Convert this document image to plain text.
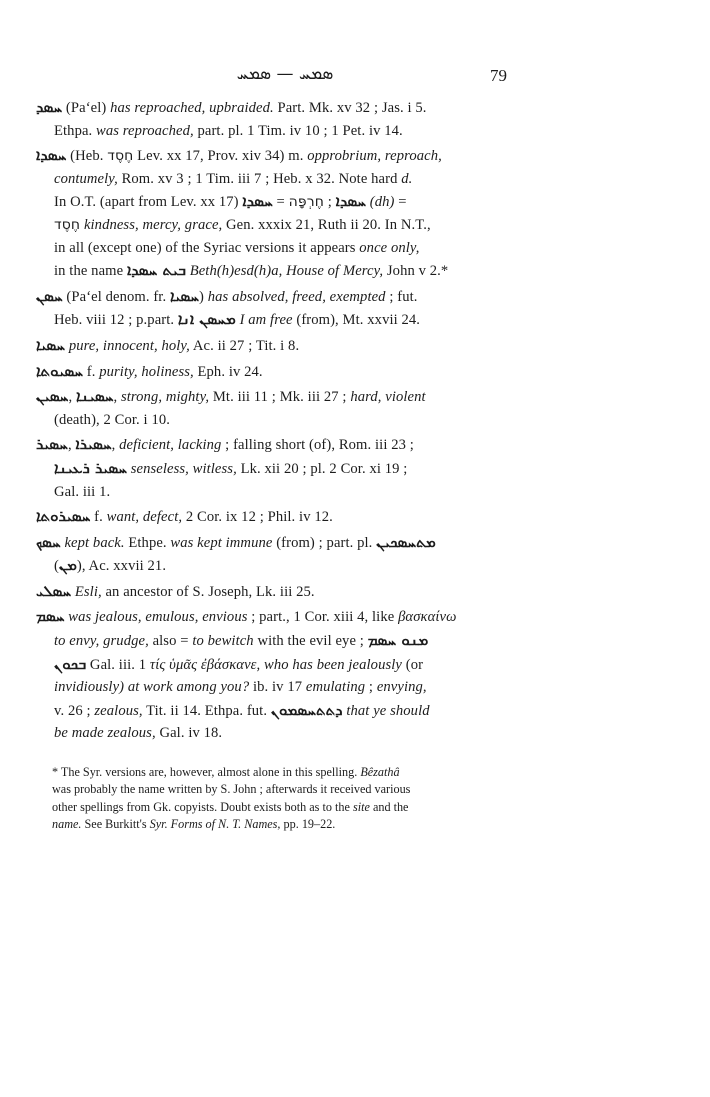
ܣܡܚ — ܣܡܚ	79
ܚܣܕ (Pa‘el) has reproached, upbraided. Part. Mk. xv 32 ; Jas. i 5.
Ethpa. was reproached, part. pl. 1 Tim. iv 10 ; 1 Pet. iv 14.
ܚܣܕܐ (Heb. חֶסֶד Lev. xx 17, Prov. xiv 34) m. opprobrium, reproach,
contumely, Rom. xv 3 ; 1 Tim. iii 7 ; Heb. x 32. Note hard d.
In O.T. (apart from Lev. xx 17) ܚܣܕܐ = חֶרְפָּה ; ܚܣܕܐ (dh) =
חֶסֶד kindness, mercy, grace, Gen. xxxix 21, Ruth ii 20. In N.T.,
in all (except one) of the Syriac versions it appears once only,
in the name ܒܝܬ ܚܣܕܐ Beth(h)esd(h)a, House of Mercy, John v 2.*
ܚܣܢ (Pa‘el denom. fr. ܚܣܝܐ) has absolved, freed, exempted ; fut.
Heb. viii 12 ; p.part. ܡܚܣܢ ܐܢܐ I am free (from), Mt. xxvii 24.
ܚܣܝܐ pure, innocent, holy, Ac. ii 27 ; Tit. i 8.
ܚܣܝܘܬܐ f. purity, holiness, Eph. iv 24.
ܚܣܝܢ, ܚܣܝܢܐ, strong, mighty, Mt. iii 11 ; Mk. iii 27 ; hard, violent
(death), 2 Cor. i 10.
ܚܣܝܪ, ܚܣܝܪܐ, deficient, lacking ; falling short (of), Rom. iii 23 ;
ܚܣܝܪ ܪܥܝܢܐ senseless, witless, Lk. xii 20 ; pl. 2 Cor. xi 19 ;
Gal. iii 1.
ܚܣܝܪܘܬܐ f. want, defect, 2 Cor. ix 12 ; Phil. iv 12.
ܚܣܟ kept back. Ethpe. was kept immune (from) ; part. pl. ܡܬܚܣܟܝܢ
(ܡܢ), Ac. xxvii 21.
ܚܣܠܝ Esli, an ancestor of S. Joseph, Lk. iii 25.
ܚܣܡ was jealous, emulous, envious ; part., 1 Cor. xiii 4, like βασκαίνω
to envy, grudge, also = to bewitch with the evil eye ; ܡܢܘ ܚܣܡ
ܒܟܘܢ Gal. iii. 1 τίς ὑμᾶς ἐβάσκανε, who has been jealously (or
invidiously) at work among you? ib. iv 17 emulating ; envying,
v. 26 ; zealous, Tit. ii 14. Ethpa. fut. ܕܬܬܚܣܡܘܢ that ye should
be made zealous, Gal. iv 18.
* The Syr. versions are, however, almost alone in this spelling. Bêzathâ
was probably the name written by S. John ; afterwards it received various
other spellings from Gk. copyists. Doubt exists both as to the site and the
name. See Burkitt's Syr. Forms of N. T. Names, pp. 19–22.
